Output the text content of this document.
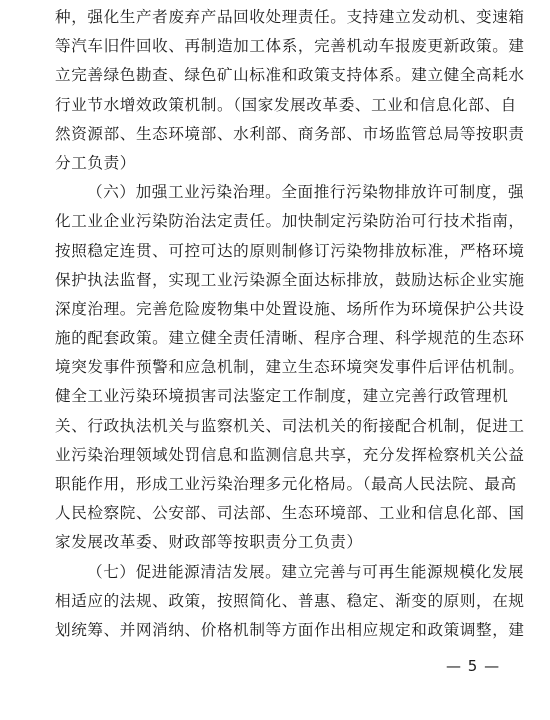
种，强化生产者废弃产品回收处理责任。支持建立发动机、变速箱
等汽车旧件回收、再制造加工体系，完善机动车报废更新政策。建
立完善绿色勘查、绿色矿山标准和政策支持体系。建立健全高耗水
行业节水增效政策机制。（国家发展改革委、工业和信息化部、自
然资源部、生态环境部、水利部、商务部、市场监管总局等按职责
分工负责）
（六）加强工业污染治理。全面推行污染物排放许可制度，强
化工业企业污染防治法定责任。加快制定污染防治可行技术指南，
按照稳定连贯、可控可达的原则制修订污染物排放标准，严格环境
保护执法监督，实现工业污染源全面达标排放，鼓励达标企业实施
深度治理。完善危险废物集中处置设施、场所作为环境保护公共设
施的配套政策。建立健全责任清晰、程序合理、科学规范的生态环
境突发事件预警和应急机制，建立生态环境突发事件后评估机制。
健全工业污染环境损害司法鉴定工作制度，建立完善行政管理机
关、行政执法机关与监察机关、司法机关的衔接配合机制，促进工
业污染治理领域处罚信息和监测信息共享，充分发挥检察机关公益
职能作用，形成工业污染治理多元化格局。（最高人民法院、最高
人民检察院、公安部、司法部、生态环境部、工业和信息化部、国
家发展改革委、财政部等按职责分工负责）
（七）促进能源清洁发展。建立完善与可再生能源规模化发展
相适应的法规、政策，按照简化、普惠、稳定、渐变的原则，在规
划统筹、并网消纳、价格机制等方面作出相应规定和政策调整，建
— 5 —
